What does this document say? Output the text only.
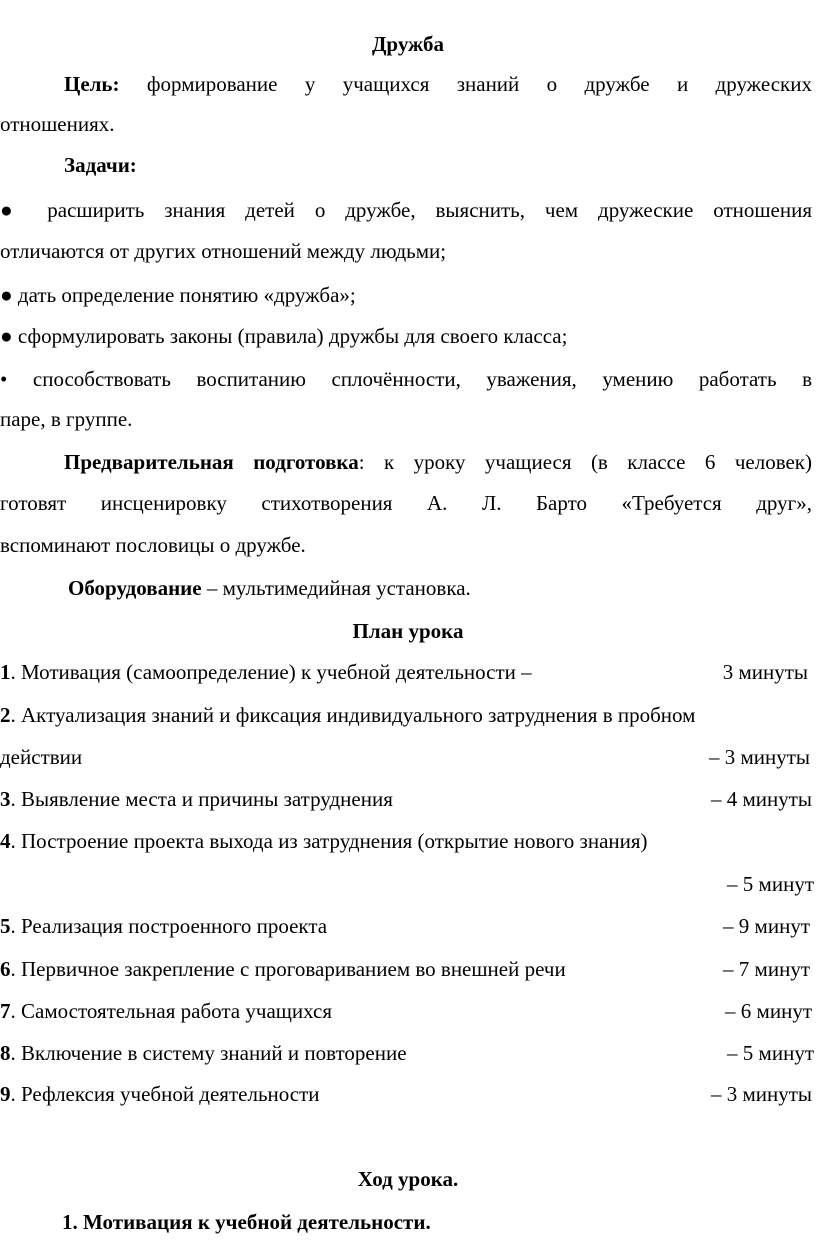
Дружба
Цель: формирование у учащихся знаний о дружбе и дружеских
отношениях.
Задачи:
● расширить знания детей о дружбе, выяснить, чем дружеские отношения
отличаются от других отношений между людьми;
● дать определение понятию «дружба»;
● сформулировать законы (правила) дружбы для своего класса;
• способствовать воспитанию сплочённости, уважения, умению работать в
паре, в группе.
Предварительная подготовка: к уроку учащиеся (в классе 6 человек)
готовят инсценировку стихотворения А. Л. Барто «Требуется друг»,
вспоминают пословицы о дружбе.
Оборудование – мультимедийная установка.
План урока
1. Мотивация (самоопределение) к учебной деятельности –	3 минуты
2. Актуализация знаний и фиксация индивидуального затруднения в пробном
действии	– 3 минуты
3. Выявление места и причины затруднения	– 4 минуты
4. Построение проекта выхода из затруднения (открытие нового знания)
– 5 минут
5. Реализация построенного проекта	– 9 минут
6. Первичное закрепление с проговариванием во внешней речи	– 7 минут
7. Самостоятельная работа учащихся	– 6 минут
8. Включение в систему знаний и повторение	– 5 минут
9. Рефлексия учебной деятельности	– 3 минуты
Ход урока.
1. Мотивация к учебной деятельности.
